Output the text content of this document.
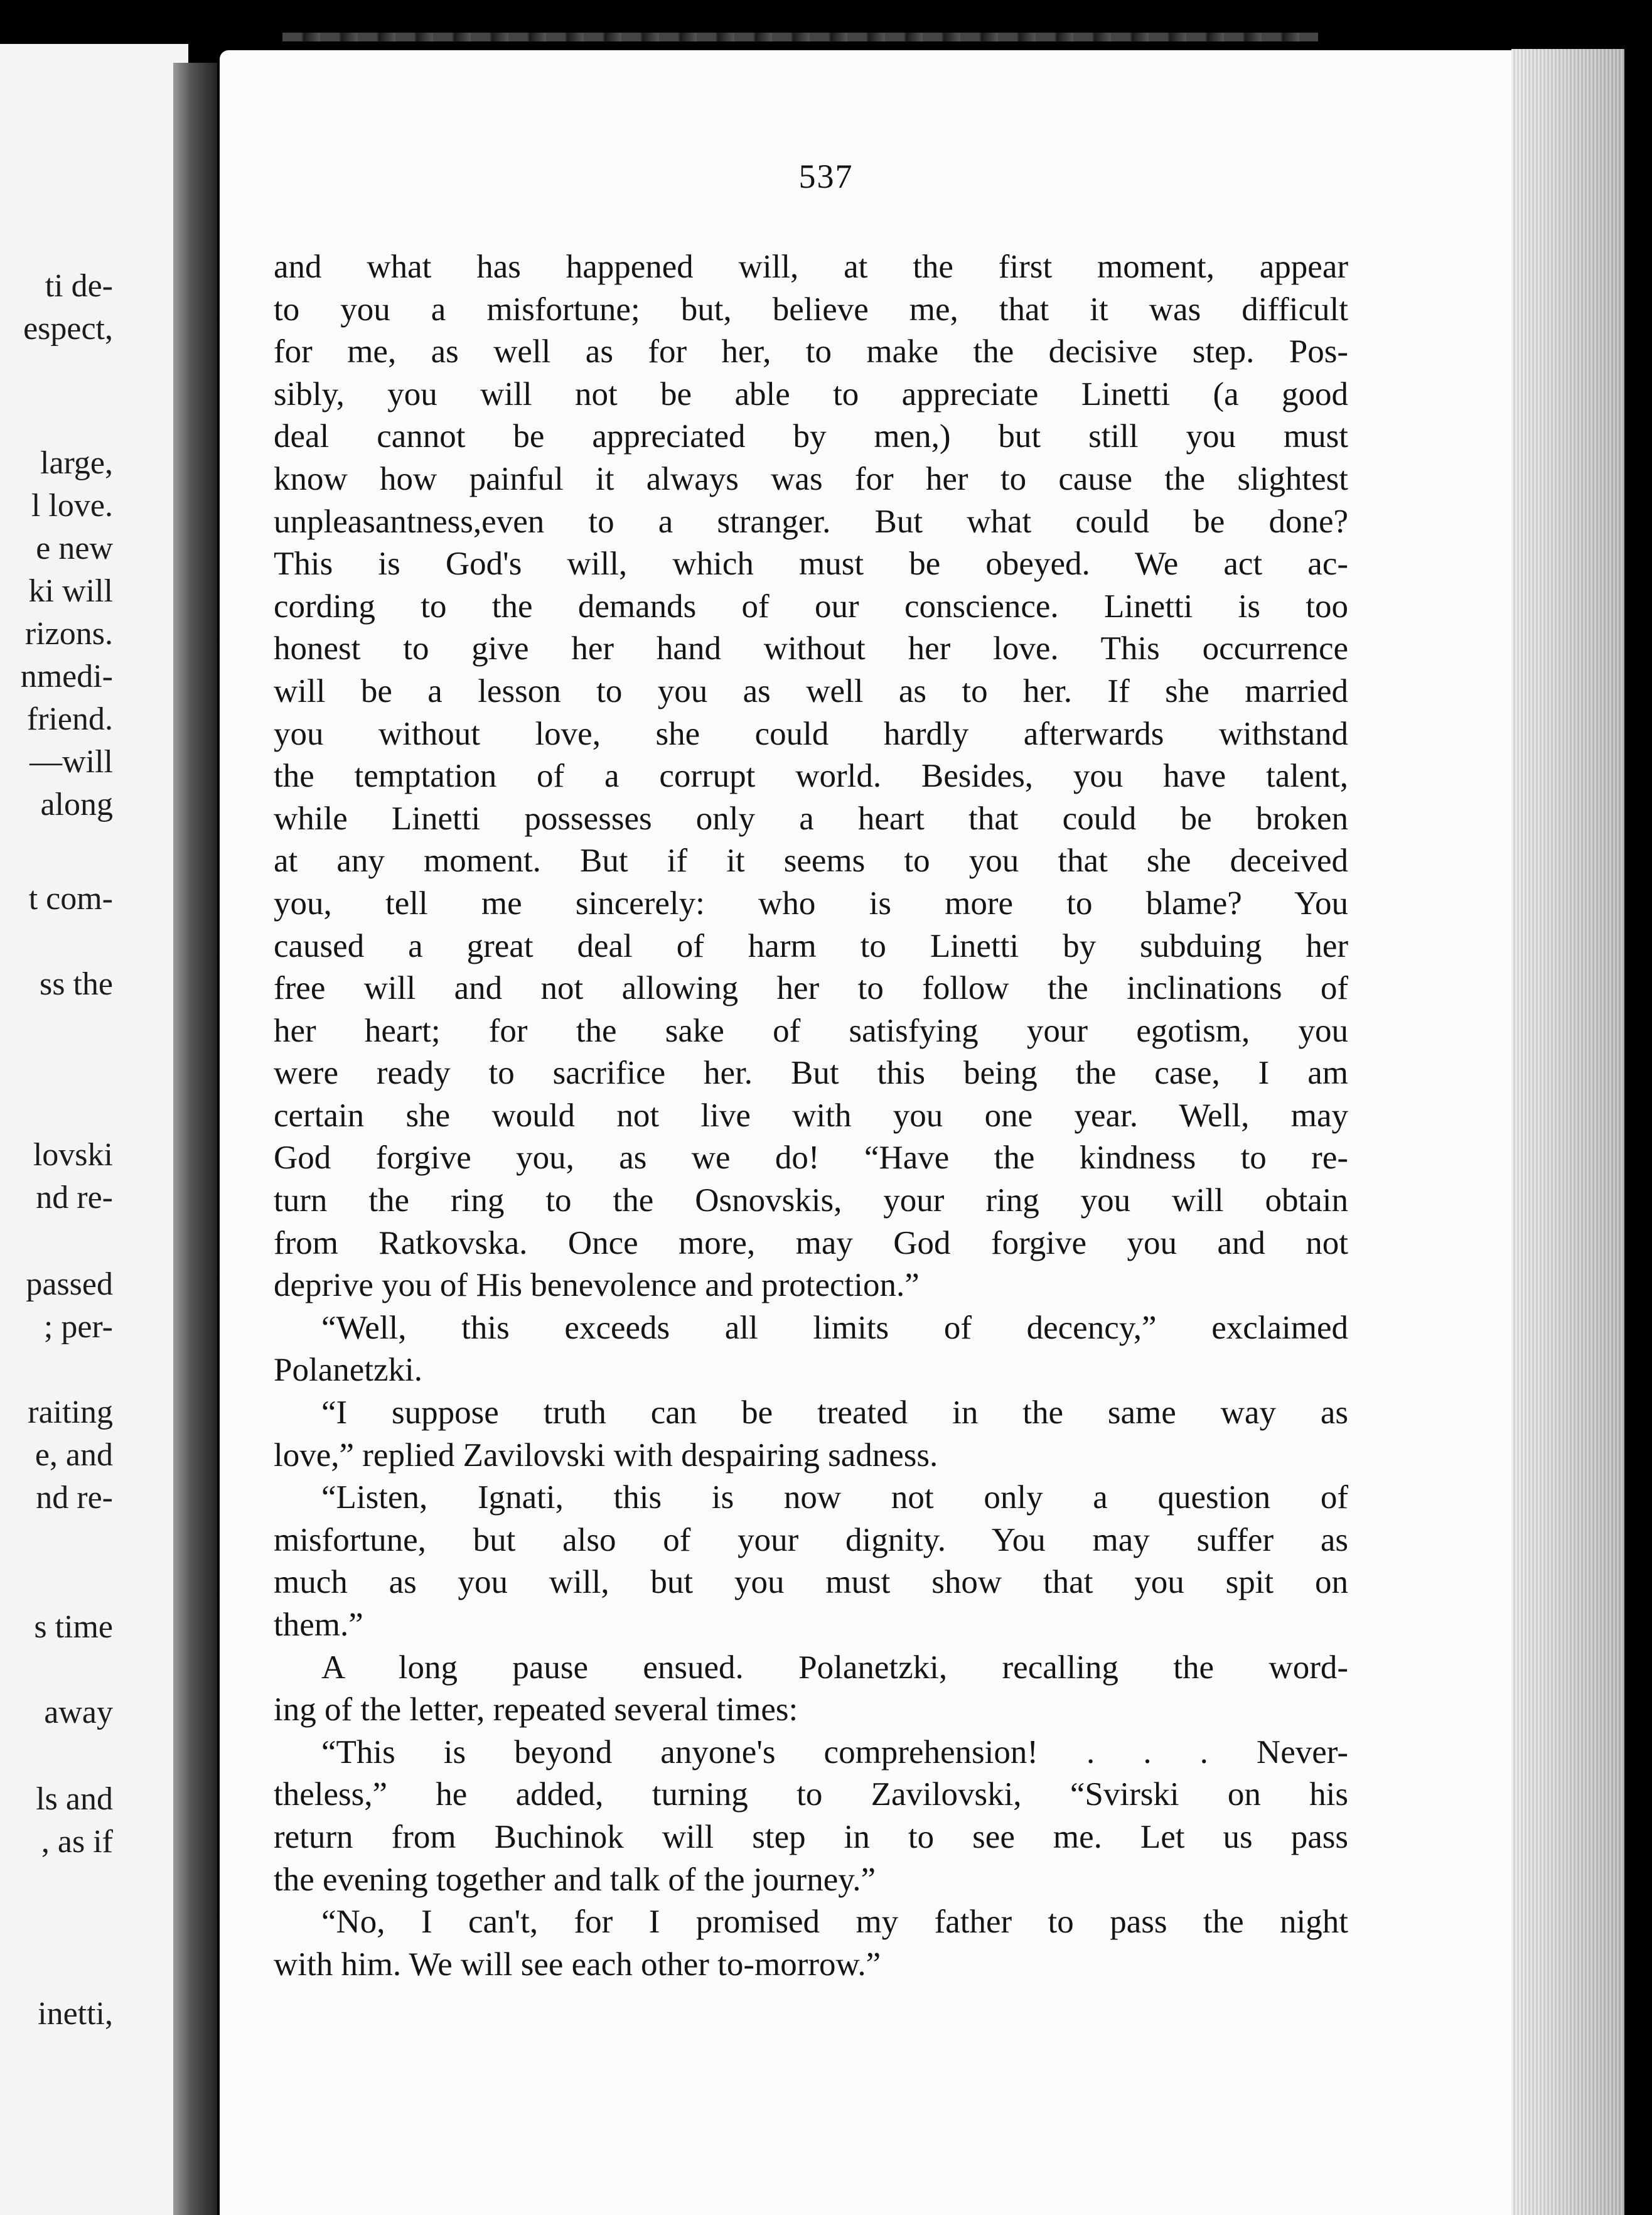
ti de-
espect,
large,
l love.
e new
ki will
rizons.
nmedi-
friend.
—will
along
t com-
ss the
lovski
nd re-
passed
; per-
raiting
e, and
nd re-
s time
away
ls and
, as if
inetti,
537
and what has happened will, at the first moment, appear
to you a misfortune; but, believe me, that it was difficult
for me, as well as for her, to make the decisive step. Pos-
sibly, you will not be able to appreciate Linetti (a good
deal cannot be appreciated by men,) but still you must
know how painful it always was for her to cause the slightest
unpleasantness,even to a stranger. But what could be done?
This is God's will, which must be obeyed. We act ac-
cording to the demands of our conscience. Linetti is too
honest to give her hand without her love. This occurrence
will be a lesson to you as well as to her. If she married
you without love, she could hardly afterwards withstand
the temptation of a corrupt world. Besides, you have talent,
while Linetti possesses only a heart that could be broken
at any moment. But if it seems to you that she deceived
you, tell me sincerely: who is more to blame? You
caused a great deal of harm to Linetti by subduing her
free will and not allowing her to follow the inclinations of
her heart; for the sake of satisfying your egotism, you
were ready to sacrifice her. But this being the case, I am
certain she would not live with you one year. Well, may
God forgive you, as we do! “Have the kindness to re-
turn the ring to the Osnovskis, your ring you will obtain
from Ratkovska. Once more, may God forgive you and not
deprive you of His benevolence and protection.”
“Well, this exceeds all limits of decency,” exclaimed
Polanetzki.
“I suppose truth can be treated in the same way as
love,” replied Zavilovski with despairing sadness.
“Listen, Ignati, this is now not only a question of
misfortune, but also of your dignity. You may suffer as
much as you will, but you must show that you spit on
them.”
A long pause ensued. Polanetzki, recalling the word-
ing of the letter, repeated several times:
“This is beyond anyone's comprehension! . . . Never-
theless,” he added, turning to Zavilovski, “Svirski on his
return from Buchinok will step in to see me. Let us pass
the evening together and talk of the journey.”
“No, I can't, for I promised my father to pass the night
with him. We will see each other to-morrow.”
